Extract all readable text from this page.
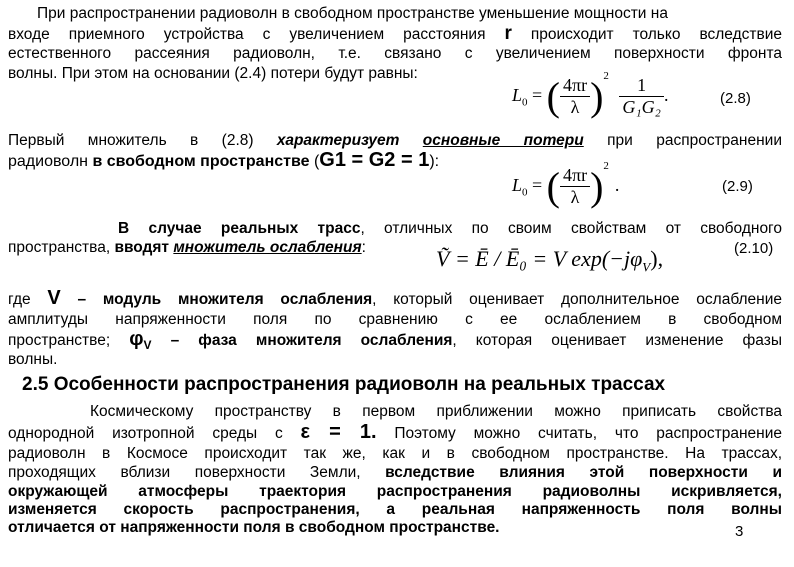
При распространении радиоволн в свободном пространстве уменьшение мощности на
входе приемного устройства с увеличением расстояния r происходит только вследствие
естественного рассеяния радиоволн, т.е. связано с увеличением поверхности фронта
волны. При этом на основании (2.4) потери будут равны:
$L_0$ = ( $\frac{4\pi r}{\lambda} )^2 \frac{1}{\text{G₁G₂}}$ .	(2.8)
Первый множитель в (2.8) характеризует основные потери при распространении
радиоволн в свободном пространстве (G1 = G2 = 1):
$L_0$ = ( $\frac{4\pi r}{\lambda} )^2$.	(2.9)
В случае реальных трасс, отличных по своим свойствам от свободного
пространства, вводят множитель ослабления:	Ṽ = Ē / Ē₀ = V $\exp(-j\varphi_V)$,	(2.10)
где V – модуль множителя ослабления, который оценивает дополнительное ослабление
амплитуды напряженности поля по сравнению с ее ослаблением в свободном
пространстве; $\varphi_V$ – фаза множителя ослабления, которая оценивает изменение фазы
волны.
2.5 Особенности распространения радиоволн на реальных трассах
Космическому пространству в первом приближении можно приписать свойства
однородной изотропной среды с ε = 1. Поэтому можно считать, что распространение
радиоволн в Космосе происходит так же, как и в свободном пространстве. На трассах,
проходящих вблизи поверхности Земли, вследствие влияния этой поверхности и
окружающей атмосферы траектория распространения радиоволны искривляется,
изменяется скорость распространения, а реальная напряженность поля волны
отличается от напряженности поля в свободном пространстве.	3
